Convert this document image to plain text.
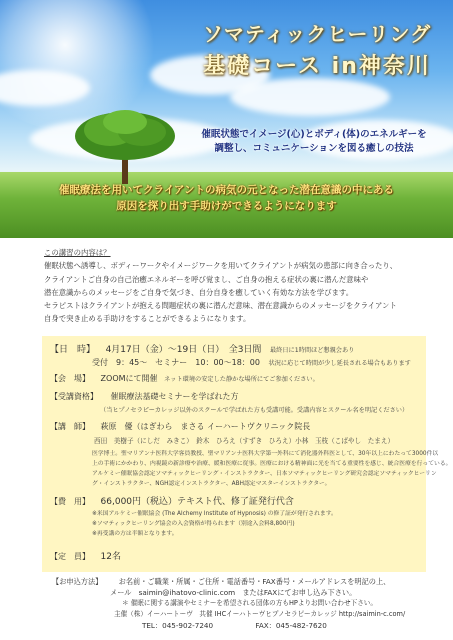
ソマティックヒーリング
基礎コース in神奈川
催眠状態でイメージ(心)とボディ(体)のエネルギーを
調整し、コミュニケーションを図る癒しの技法
催眠療法を用いてクライアントの病気の元となった潜在意識の中にある
原因を探り出す手助けができるようになります

この講習の内容は？

催眠状態へ誘導し、ボディーワークやイメージワークを用いてクライアントが病気の患部に向き合ったり、

クライアントご自身の自己治癒エネルギーを呼び覚まし、ご自身の抱える症状の裏に潜んだ意味や

潜在意識からのメッセージをご自身で気づき、自分自身を癒していく有効な方法を学びます。

セラピストはクライアントが抱える問題症状の裏に潜んだ意味、潜在意識からのメッセージをクライアント

自身で突き止める手助けをすることができるようになります。

【日　時】 4月17日（金）～19日（日）　全3日間 最終日に1時間ほど懇親会あり
受付　9：45～　セミナー　10：00～18：00 状況に応じて時間が少し延長される場合もあります
【会　場】 ZOOMにて開催 ネット環境の安定した静かな場所にてご参加ください。
【受講資格】 催眠療法基礎セミナーを学ばれた方
（当ヒプノセラピーカレッジ以外のスクールで学ばれた方も受講可能。受講内容とスクール名を明記ください）
【講　師】 萩原　優（はぎわら　まさる イーハートヴクリニック院長
西田　美樹子（にしだ　みきこ）　鈴木　ひろえ（すずき　ひろえ）小林　玉枝（こばやし　たまえ）
医学博士。聖マリアンナ医科大学客員教授、聖マリアンナ医科大学第一外科にて消化器外科医として、30年以上にわたって3000件以
上の手術にかかわり、内視鏡の新診療や治療、緩和医療に従事。医療における精神面に光を当てる重要性を感じ、統合医療を行っている。
アルケミー催眠協会認定ソマティックヒーリング・インストラクター、日本ソマティックヒーリング研究会認定ソマティックヒーリン
グ・インストラクター、NGH認定インストラクター、ABH認定マスターインストラクター。
【費　用】 66,000円（税込）テキスト代、修了証発行代含
※米国アルケミー催眠協会 (The Alchemy Institute of Hypnosis) の修了証が発行されます。
※ソマティックヒーリング協会の入会資格が得られます（別途入会料8,800円)
※再受講の方は半額となります。
【定　員】 12名
【お申込方法】 お名前・ご職業・所属・ご住所・電話番号・FAX番号・メールアドレスを明記の上、
メール　saimin@ihatovo-clinic.com　またはFAXにてお申し込み下さい。
＊ 催眠に関する講演やセミナーを希望される団体の方もHPよりお問い合わせ下さい。
主催（株）イーハートーヴ　共催 IHCイーハトーヴヒプノセラピーカレッジ http://saimin-c.com/
TEL：045-902-7240	FAX：045-482-7620
